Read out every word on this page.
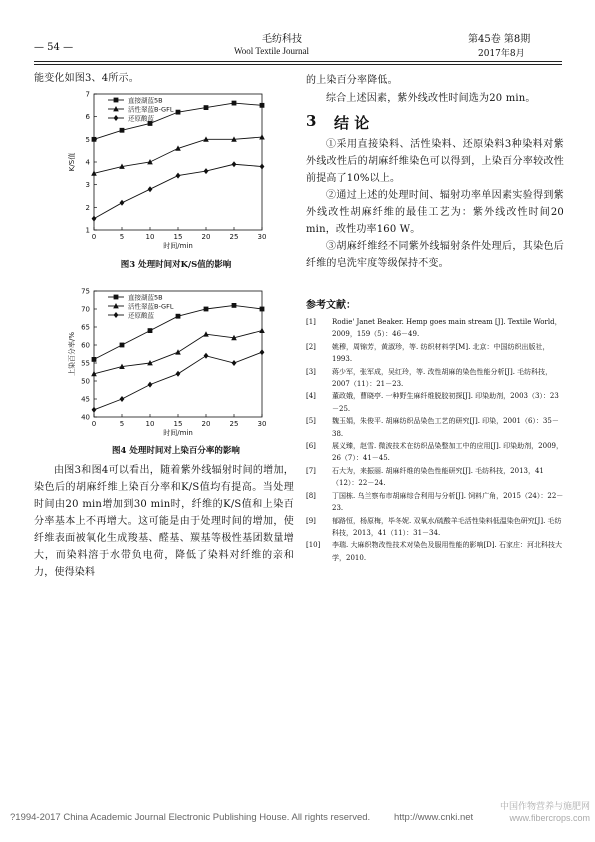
— 54 —
毛纺科技
Wool Textile Journal
第45卷 第8期
2017年8月
能变化如图3、4所示。
1
2
3
4
5
6
7
0	5	10	15	20	25	30
时间/min
K/S值
直接湖蓝5B
活性翠蓝B-GFL
还原酸蓝
图3 处理时间对K/S值的影响
40
45
50
55
60
65
70
75
0	5	10	15	20	25	30
时间/min
上染百分率/%
直接湖蓝5B
活性翠蓝B-GFL
还原酸蓝
图4 处理时间对上染百分率的影响
由图3和图4可以看出，随着紫外线辐射时间的增加，染色后的胡麻纤维上染百分率和K/S值均有提高。当处理时间由20 min增加到30 min时，纤维的K/S值和上染百分率基本上不再增大。这可能是由于处理时间的增加，使纤维表面被氧化生成羧基、醛基、羰基等极性基团数量增大，而染料溶于水带负电荷，降低了染料对纤维的亲和力，使得染料
的上染百分率降低。
综合上述因素，紫外线改性时间选为20 min。
3 结 论
①采用直接染料、活性染料、还原染料3种染料对紫外线改性后的胡麻纤维染色可以得到，上染百分率较改性前提高了10%以上。
②通过上述的处理时间、辐射功率单因素实验得到紫外线改性胡麻纤维的最佳工艺为：紫外线改性时间20 min，改性功率160 W。
③胡麻纤维经不同紫外线辐射条件处理后，其染色后纤维的皂洗牢度等级保持不变。
参考文献：
[1] Rodie' Janet Beaker. Hemp goes main stream [J]. Textile World，2009，159（5）：46－49.
[2] 姚穆，周锦芳，黄淑珍，等. 纺织材料学[M]. 北京：中国纺织出版社，1993.
[3] 蒋少军，张军成，吴红玲，等. 改性胡麻的染色性能分析[J]. 毛纺科技，2007（11）：21－23.
[4] 董政娥，曹晓亭. 一种野生麻纤维脱胶初探[J]. 印染助剂，2003（3）：23－25.
[5] 魏玉娟，朱俊平. 胡麻纺织品染色工艺的研究[J]. 印染，2001（6）：35－38.
[6] 展义臻，赵雪. 微波技术在纺织品染整加工中的应用[J]. 印染助剂，2009，26（7）：41－45.
[7] 石大为，来振丽. 胡麻纤维的染色性能研究[J]. 毛纺科技，2013，41（12）：22－24.
[8] 丁国栋. 乌兰察布市胡麻综合利用与分析[J]. 饲料广角，2015（24）：22－23.
[9] 郁路恒，杨原梅，毕冬妮. 双氧水/硫酸羊毛活性染料低温染色研究[J]. 毛纺科技，2013，41（11）：31－34.
[10] 李瑞. 大麻织物改性技术对染色及服用性能的影响[D]. 石家庄：河北科技大学，2010.
?1994-2017 China Academic Journal Electronic Publishing House. All rights reserved.	http://www.cnki.net
中国作物营养与施肥网 www.fibercrops.com
